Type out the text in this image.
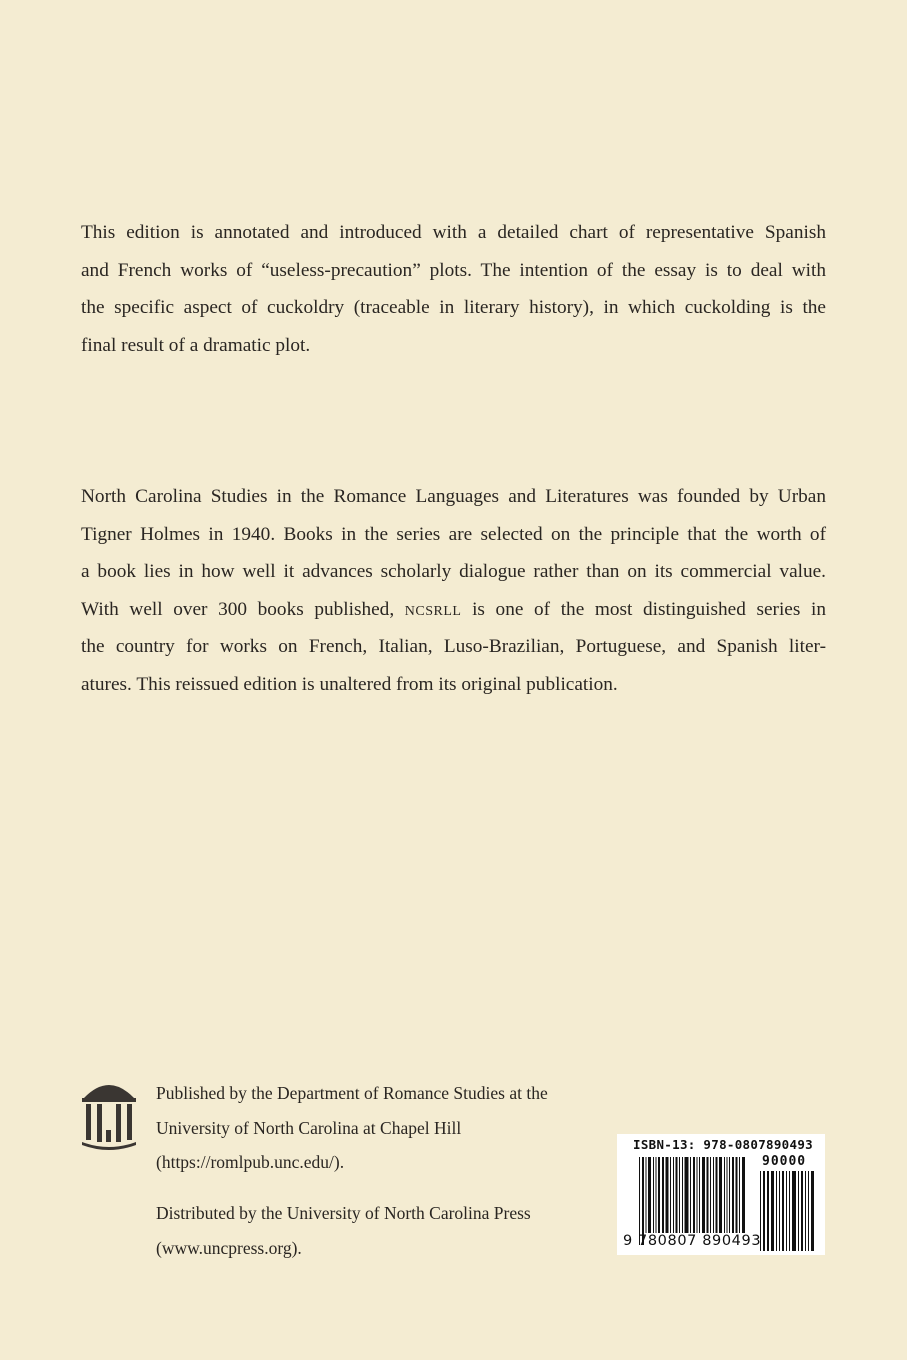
This edition is annotated and introduced with a detailed chart of representative Spanish
and French works of “useless-precaution” plots. The intention of the essay is to deal with
the specific aspect of cuckoldry (traceable in literary history), in which cuckolding is the
final result of a dramatic plot.
North Carolina Studies in the Romance Languages and Literatures was founded by Urban
Tigner Holmes in 1940. Books in the series are selected on the principle that the worth of
a book lies in how well it advances scholarly dialogue rather than on its commercial value.
With well over 300 books published, ncsrll is one of the most distinguished series in
the country for works on French, Italian, Luso-Brazilian, Portuguese, and Spanish liter-
atures. This reissued edition is unaltered from its original publication.
Published by the Department of Romance Studies at the
University of North Carolina at Chapel Hill
(https://romlpub.unc.edu/).
Distributed by the University of North Carolina Press
(www.uncpress.org).
ISBN-13: 978-0807890493
90000
9 780807 890493
